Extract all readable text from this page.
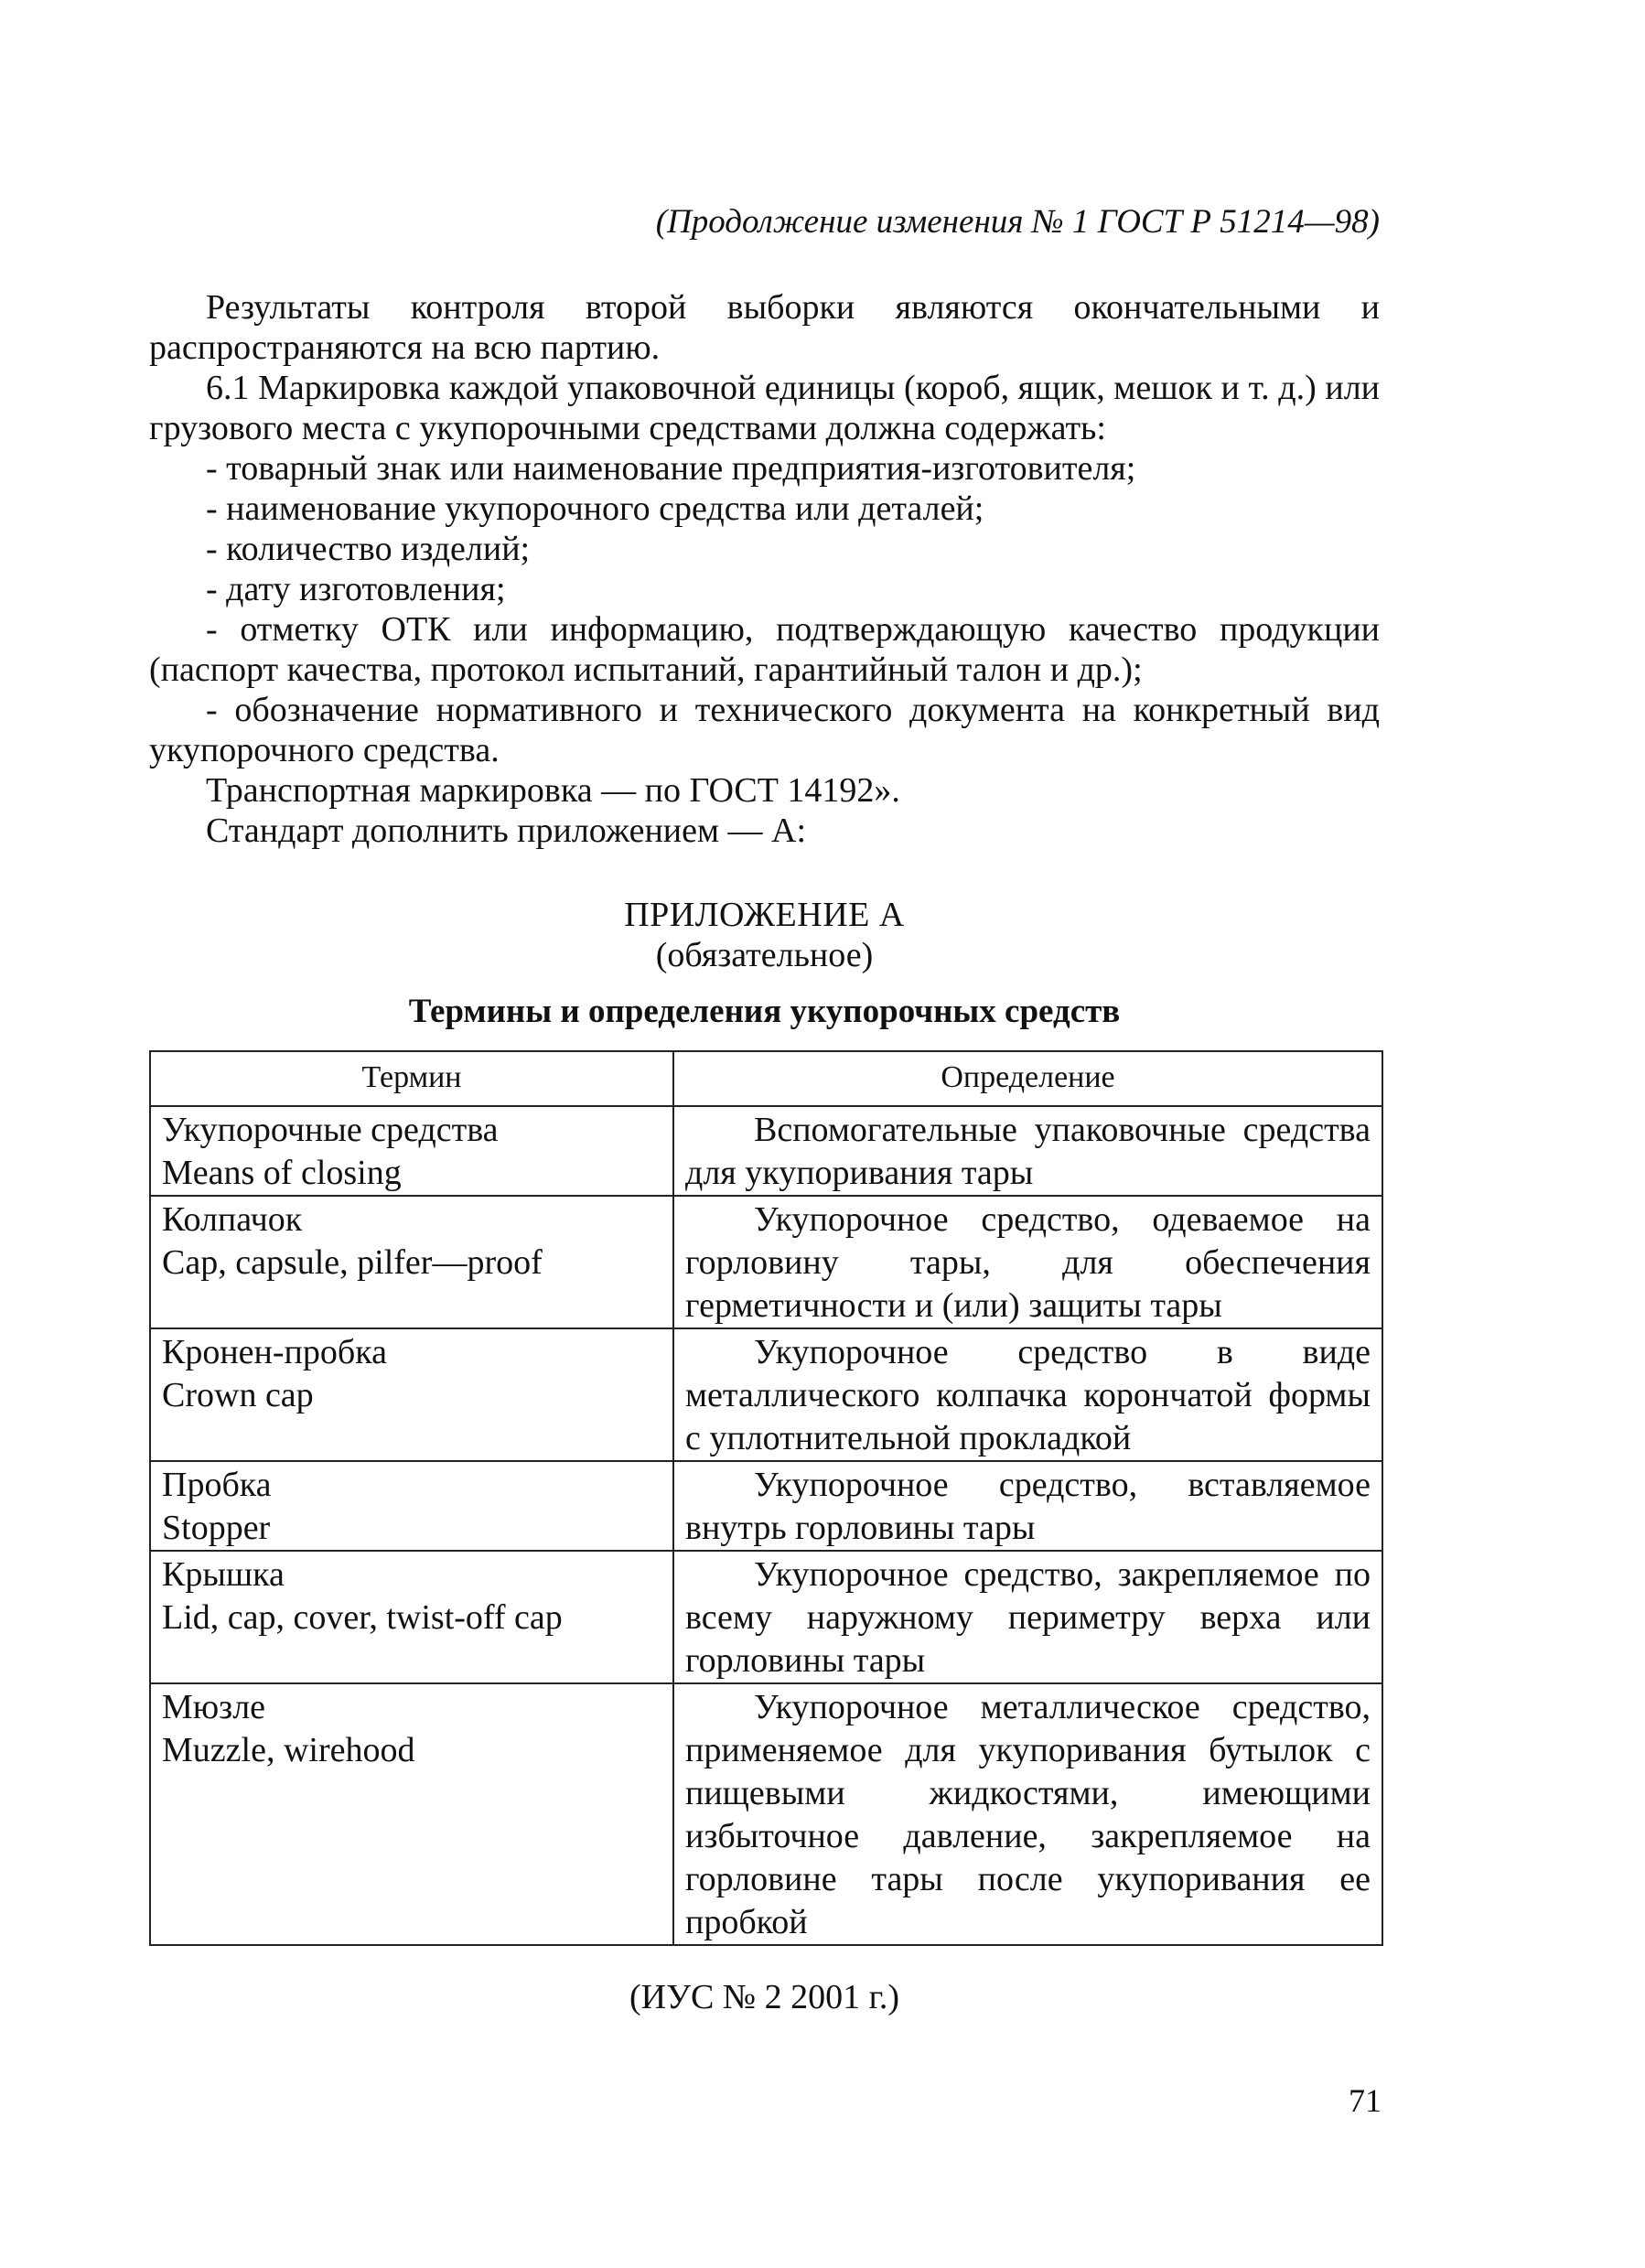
(Продолжение изменения № 1 ГОСТ Р 51214—98)

Результаты контроля второй выборки являются окончательными и распространяются на всю партию.

6.1 Маркировка каждой упаковочной единицы (короб, ящик, мешок и т. д.) или грузового места с укупорочными средствами должна содержать:

- товарный знак или наименование предприятия-изготовителя;

- наименование укупорочного средства или деталей;

- количество изделий;

- дату изготовления;

- отметку ОТК или информацию, подтверждающую качество продукции (паспорт качества, протокол испытаний, гарантийный талон и др.);

- обозначение нормативного и технического документа на конкретный вид укупорочного средства.

Транспортная маркировка — по ГОСТ 14192».

Стандарт дополнить приложением — А:

ПРИЛОЖЕНИЕ А

(обязательное)

Термины и определения укупорочных средств

Термин	Определение

Укупорочные средства
Means of closing	Вспомогательные упаковочные средства для укупоривания тары

Колпачок
Cap, capsule, pilfer—proof	Укупорочное средство, одеваемое на горловину тары, для обеспечения герметичности и (или) защиты тары

Кронен-пробка
Crown cap	Укупорочное средство в виде металлического колпачка корончатой формы с уплотнительной прокладкой

Пробка
Stopper	Укупорочное средство, вставляемое внутрь горловины тары

Крышка
Lid, cap, cover, twist-off cap	Укупорочное средство, закрепляемое по всему наружному периметру верха или горловины тары

Мюзле
Muzzle, wirehood	Укупорочное металлическое средство, применяемое для укупоривания бутылок с пищевыми жидкостями, имеющими избыточное давление, закрепляемое на горловине тары после укупоривания ее пробкой

(ИУС № 2 2001 г.)

71
